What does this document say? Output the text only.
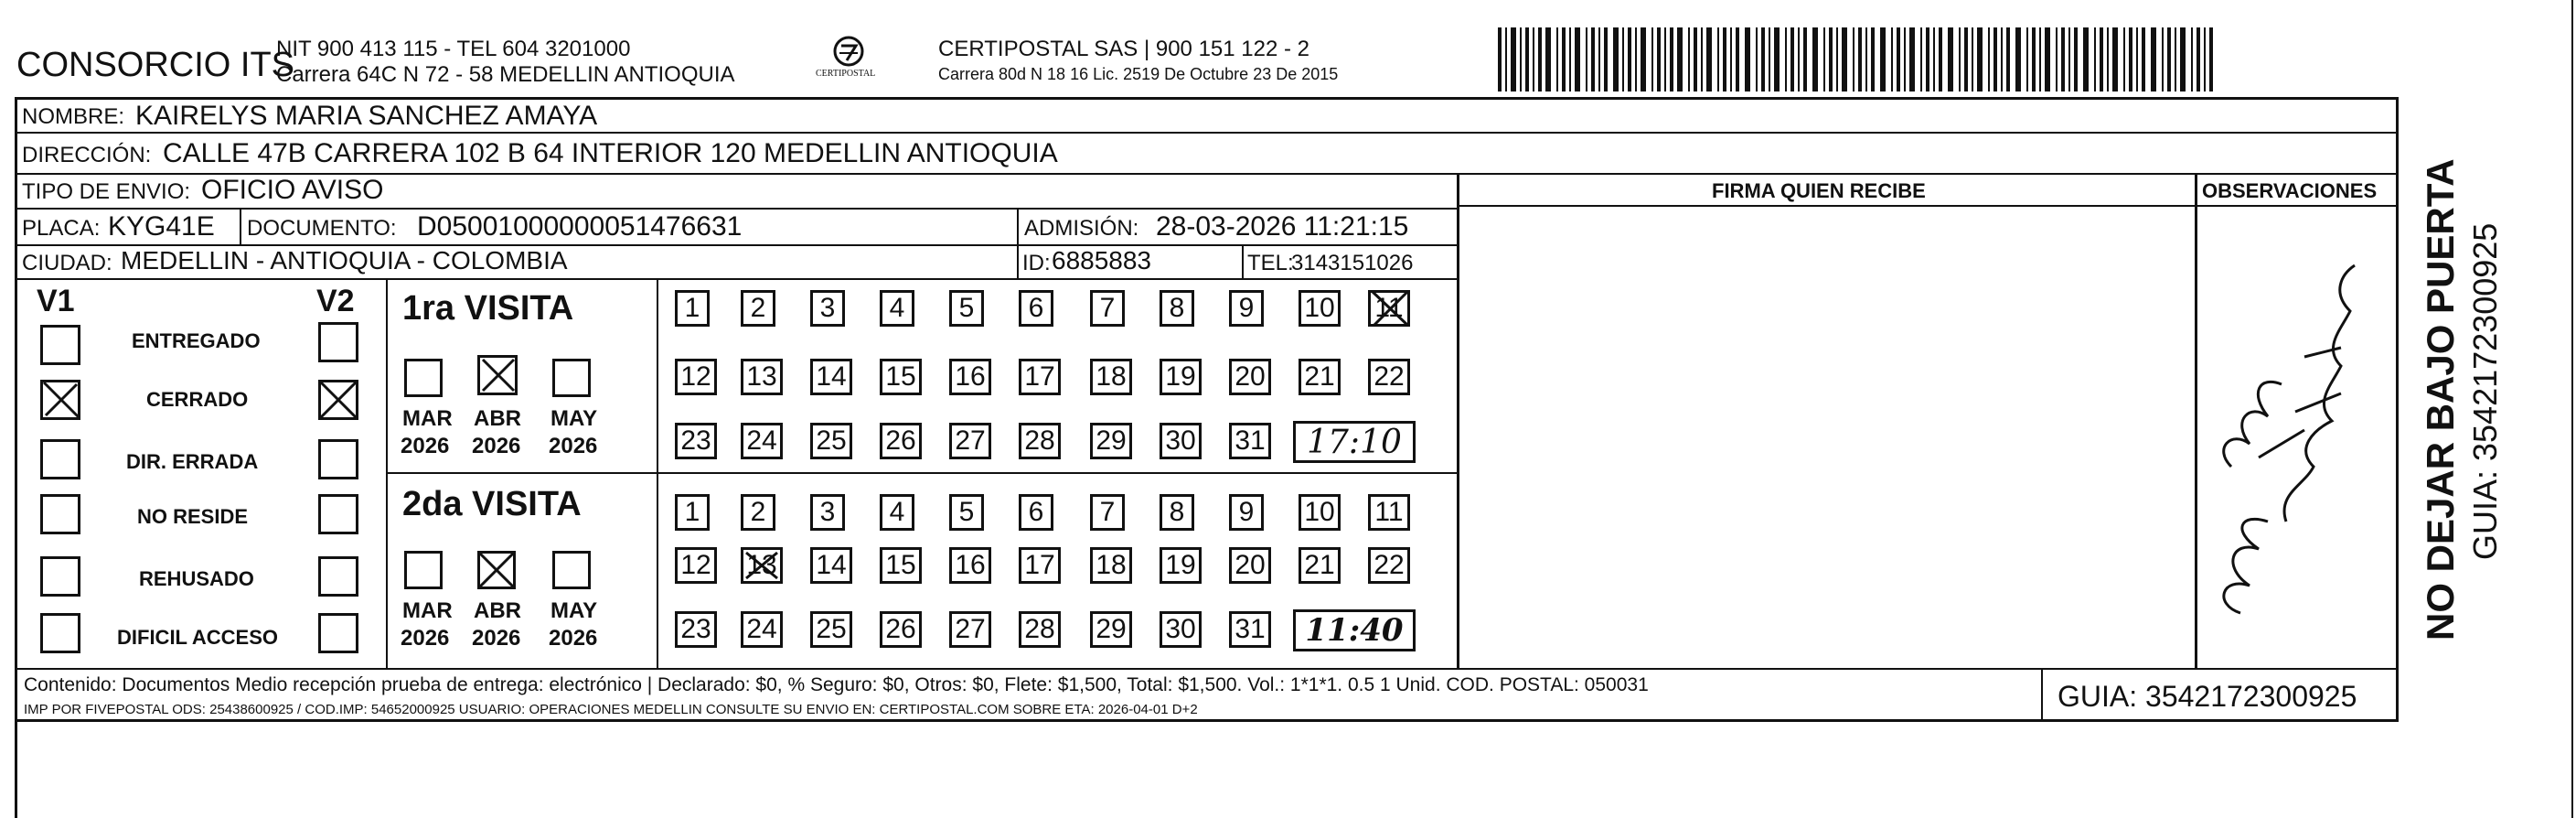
CONSORCIO ITS
NIT 900 413 115 - TEL 604 3201000
Carrera 64C N 72 - 58 MEDELLIN ANTIOQUIA	CERTIPOSTAL
CERTIPOSTAL SAS | 900 151 122 - 2
Carrera 80d N 18 16 Lic. 2519 De Octubre 23 De 2015
NOMBRE: KAIRELYS MARIA SANCHEZ AMAYA
DIRECCIÓN: CALLE 47B CARRERA 102 B 64 INTERIOR 120 MEDELLIN ANTIOQUIA
TIPO DE ENVIO: OFICIO AVISO	FIRMA QUIEN RECIBE	OBSERVACIONES
PLACA: KYG41E DOCUMENTO: D05001000000051476631	ADMISIÓN: 28-03-2026 11:21:15
CIUDAD: MEDELLIN - ANTIOQUIA - COLOMBIA	ID: 6885883	TEL:
3143151026
V1	V2
ENTREGADO
CERRADO
DIR. ERRADA
NO RESIDE
REHUSADO
DIFICIL ACCESO
1ra VISITA
MAR ABR MAY
2026 2026 2026
1	2	3	4	5	6	7	8	9	10 11
12 13 14 15 16 17 18 19 20 21 22
23 24 25 26 27 28 29 30 31	17:10
2da VISITA
MAR ABR MAY
2026 2026 2026
1	2	3	4	5	6	7	8	9	10 11
12 13 14 15 16 17 18 19 20 21 22
23 24 25 26 27 28 29 30 31	11:40
Contenido: Documentos Medio recepción prueba de entrega: electrónico | Declarado: $0, % Seguro: $0, Otros: $0, Flete: $1,500, Total: $1,500. Vol.: 1*1*1. 0.5 1 Unid. COD. POSTAL: 050031
IMP POR FIVEPOSTAL ODS: 25438600925 / COD.IMP: 54652000925 USUARIO: OPERACIONES MEDELLIN CONSULTE SU ENVIO EN: CERTIPOSTAL.COM SOBRE ETA: 2026-04-01 D+2	GUIA: 3542172300925
NO DEJAR BAJO PUERTA GUIA: 3542172300925
